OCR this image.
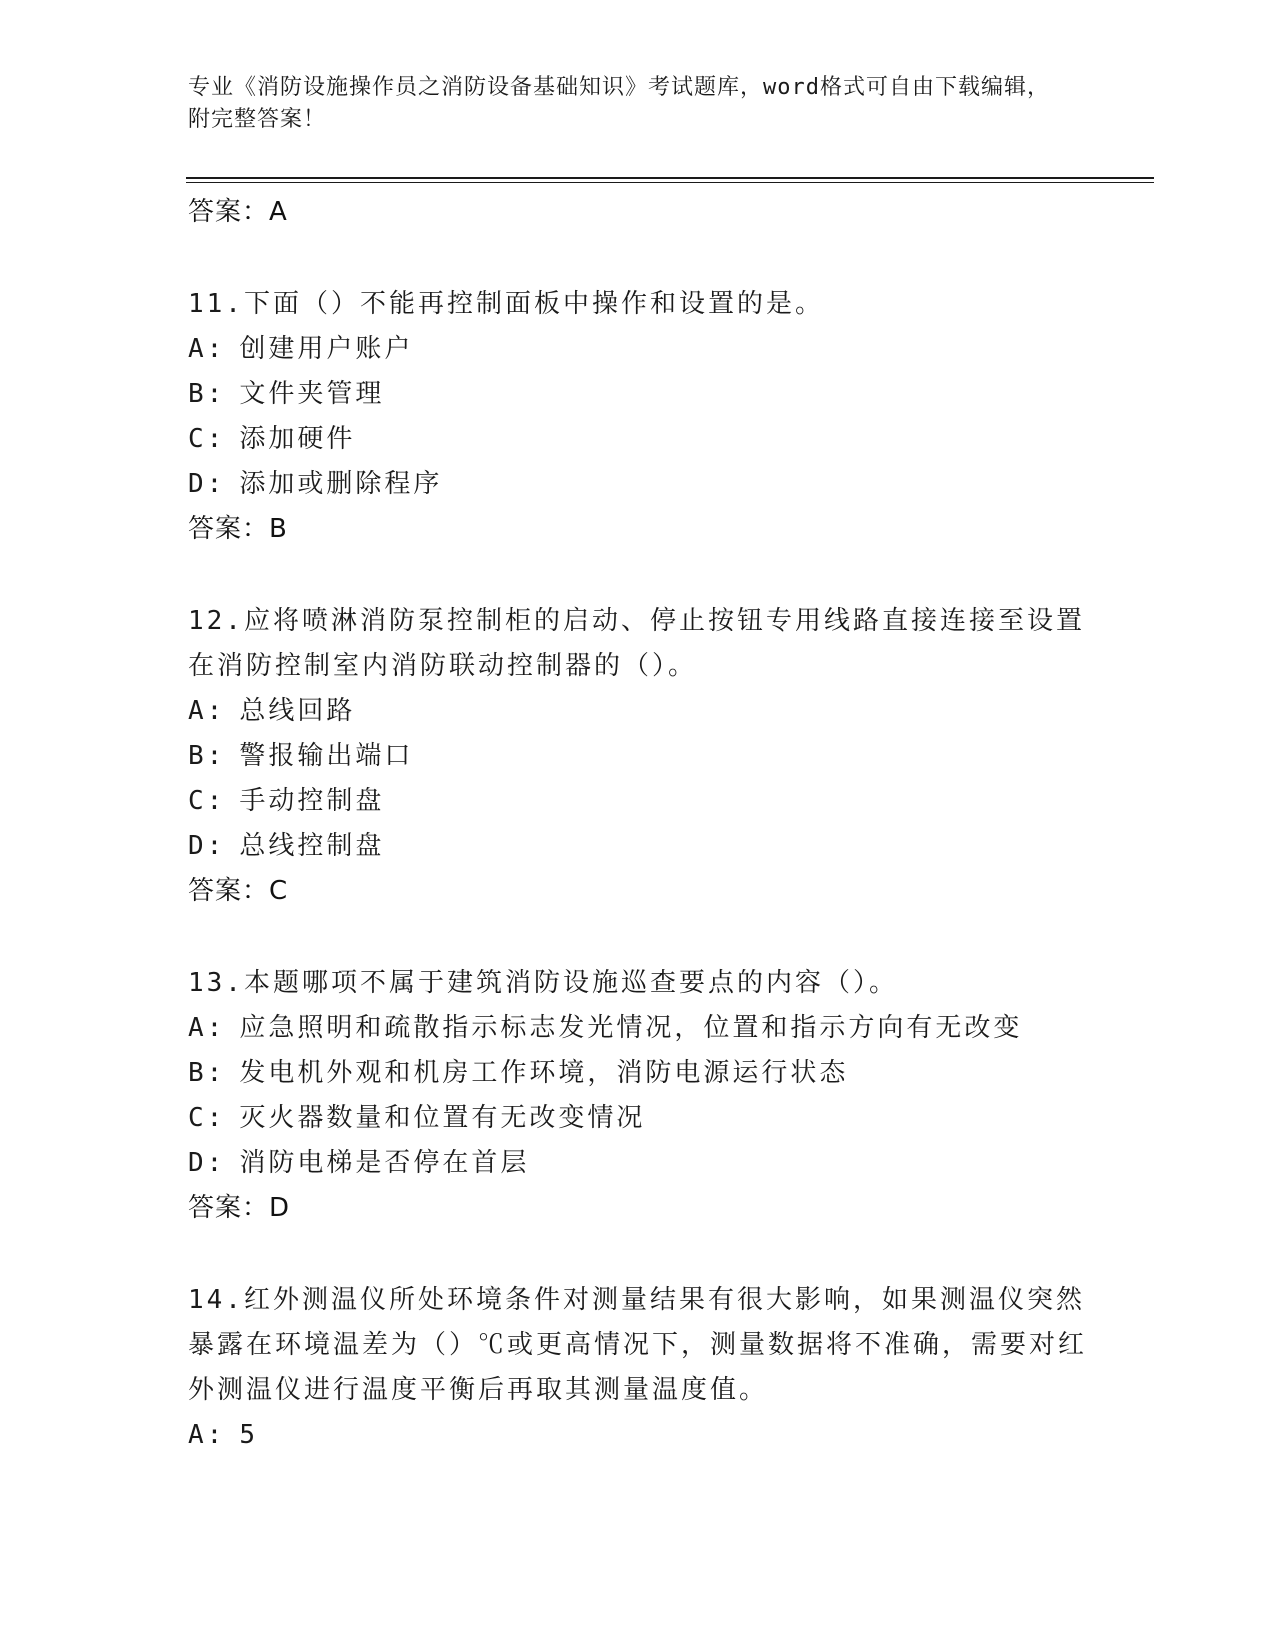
专业《消防设施操作员之消防设备基础知识》考试题库，word格式可自由下载编辑，附完整答案！
答案：A
11.下面（）不能再控制面板中操作和设置的是。
A: 创建用户账户
B: 文件夹管理
C: 添加硬件
D: 添加或删除程序
答案：B
12.应将喷淋消防泵控制柜的启动、停止按钮专用线路直接连接至设置在消防控制室内消防联动控制器的（）。
A: 总线回路
B: 警报输出端口
C: 手动控制盘
D: 总线控制盘
答案：C
13.本题哪项不属于建筑消防设施巡查要点的内容（）。
A: 应急照明和疏散指示标志发光情况，位置和指示方向有无改变
B: 发电机外观和机房工作环境，消防电源运行状态
C: 灭火器数量和位置有无改变情况
D: 消防电梯是否停在首层
答案：D
14.红外测温仪所处环境条件对测量结果有很大影响，如果测温仪突然暴露在环境温差为（）℃或更高情况下，测量数据将不准确，需要对红外测温仪进行温度平衡后再取其测量温度值。
A: 5
